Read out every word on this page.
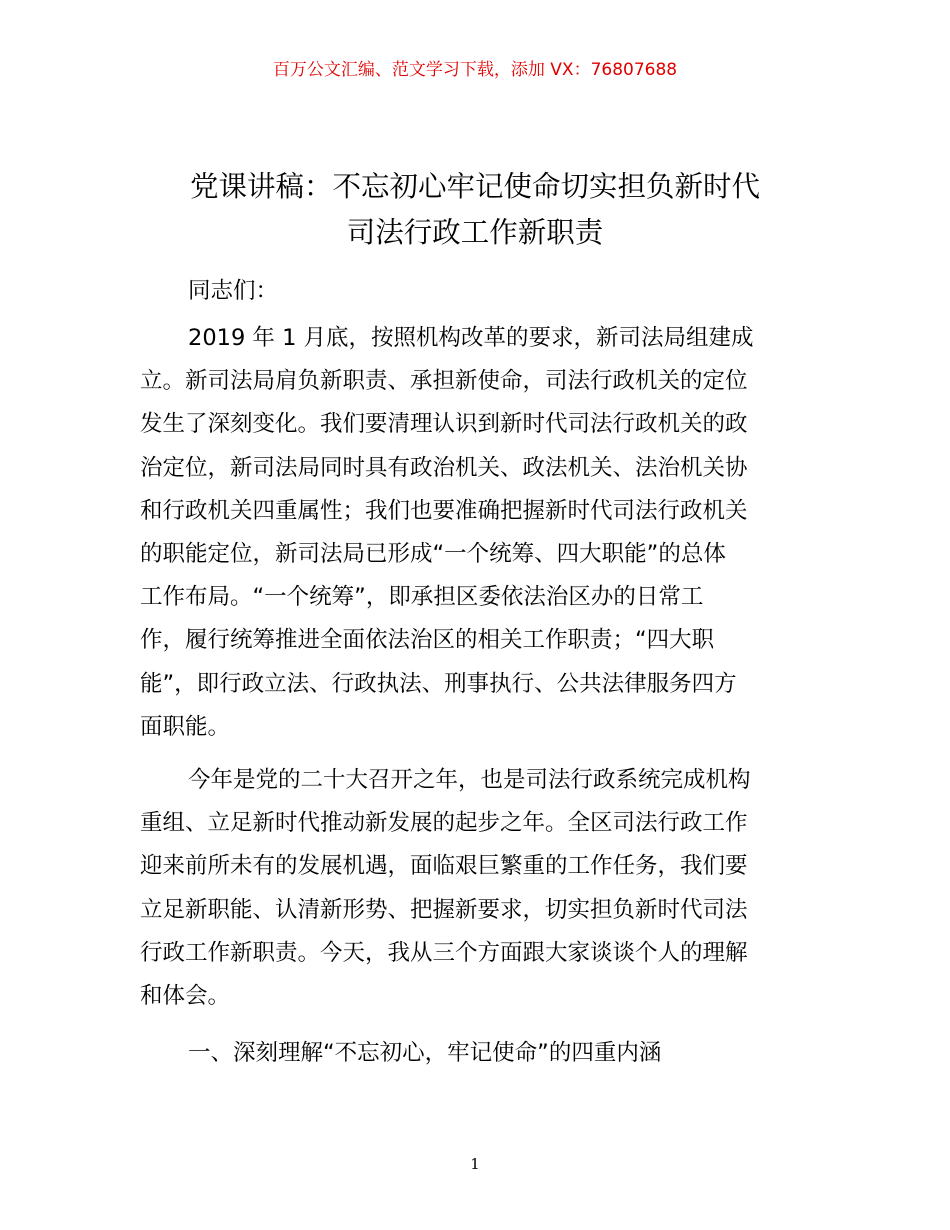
百万公文汇编、范文学习下载，添加 VX：76807688
党课讲稿：不忘初心牢记使命切实担负新时代
司法行政工作新职责
同志们：
2019 年 1 月底，按照机构改革的要求，新司法局组建成
立。新司法局肩负新职责、承担新使命，司法行政机关的定位
发生了深刻变化。我们要清理认识到新时代司法行政机关的政
治定位，新司法局同时具有政治机关、政法机关、法治机关协
和行政机关四重属性；我们也要准确把握新时代司法行政机关
的职能定位，新司法局已形成“一个统筹、四大职能”的总体
工作布局。“一个统筹”，即承担区委依法治区办的日常工
作，履行统筹推进全面依法治区的相关工作职责；“四大职
能”，即行政立法、行政执法、刑事执行、公共法律服务四方
面职能。
今年是党的二十大召开之年，也是司法行政系统完成机构
重组、立足新时代推动新发展的起步之年。全区司法行政工作
迎来前所未有的发展机遇，面临艰巨繁重的工作任务，我们要
立足新职能、认清新形势、把握新要求，切实担负新时代司法
行政工作新职责。今天，我从三个方面跟大家谈谈个人的理解
和体会。
一、深刻理解“不忘初心，牢记使命”的四重内涵
1
